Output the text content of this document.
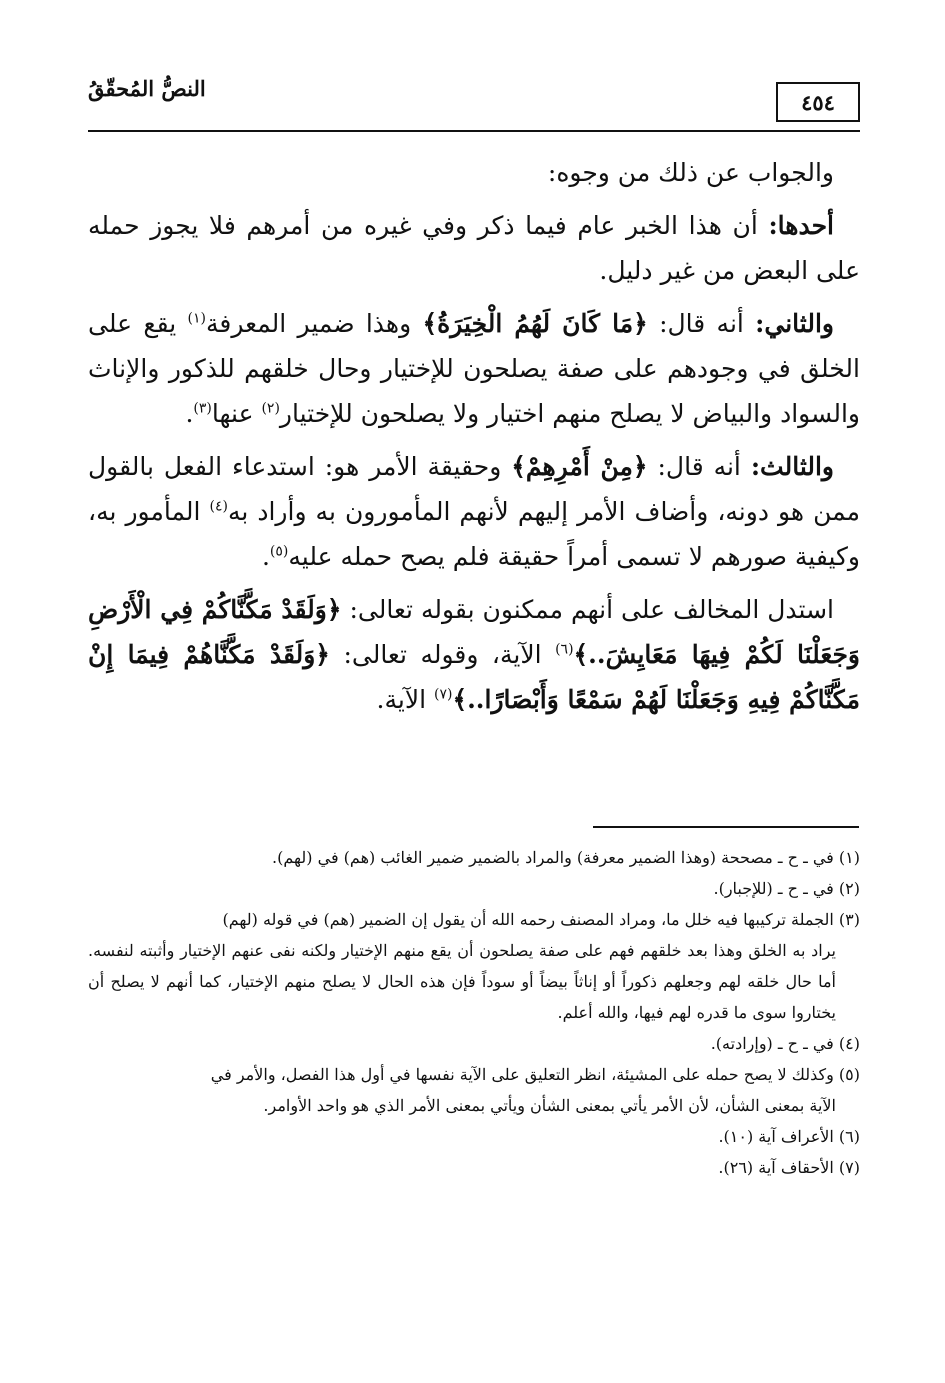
النصُّ المُحقّقُ
٤٥٤

والجواب عن ذلك من وجوه:

أحدها: أن هذا الخبر عام فيما ذكر وفي غيره من أمرهم فلا يجوز حمله على البعض من غير دليل.

والثاني: أنه قال: ﴿مَا كَانَ لَهُمُ الْخِيَرَةُ﴾ وهذا ضمير المعرفة$^{(١)}$ يقع على الخلق في وجودهم على صفة يصلحون للإختيار وحال خلقهم للذكور والإناث والسواد والبياض لا يصلح منهم اختيار ولا يصلحون للإختيار$^{(٢)}$ عنها$^{(٣)}$.

والثالث: أنه قال: ﴿مِنْ أَمْرِهِمْ﴾ وحقيقة الأمر هو: استدعاء الفعل بالقول ممن هو دونه، وأضاف الأمر إليهم لأنهم المأمورون به وأراد به$^{(٤)}$ المأمور به، وكيفية صورهم لا تسمى أمراً حقيقة فلم يصح حمله عليه$^{(٥)}$.

استدل المخالف على أنهم ممكنون بقوله تعالى: ﴿وَلَقَدْ مَكَّنَّاكُمْ فِي الْأَرْضِ وَجَعَلْنَا لَكُمْ فِيهَا مَعَايِشَ..﴾$^{(٦)}$ الآية، وقوله تعالى: ﴿وَلَقَدْ مَكَّنَّاهُمْ فِيمَا إِنْ مَكَّنَّاكُمْ فِيهِ وَجَعَلْنَا لَهُمْ سَمْعًا وَأَبْصَارًا..﴾$^{(٧)}$ الآية.

(١) في ـ ح ـ مصححة (وهذا الضمير معرفة) والمراد بالضمير ضمير الغائب (هم) في (لهم).

(٢) في ـ ح ـ (للإجبار).

(٣) الجملة تركيبها فيه خلل ما، ومراد المصنف رحمه الله أن يقول إن الضمير (هم) في قوله (لهم)

يراد به الخلق وهذا بعد خلقهم فهم على صفة يصلحون أن يقع منهم الإختيار ولكنه نفى عنهم الإختيار وأثبته لنفسه. أما حال خلقه لهم وجعلهم ذكوراً أو إناثاً بيضاً أو سوداً فإن هذه الحال لا يصلح منهم الإختيار، كما أنهم لا يصلح أن يختاروا سوى ما قدره لهم فيها، والله أعلم.

(٤) في ـ ح ـ (وإرادته).

(٥) وكذلك لا يصح حمله على المشيئة، انظر التعليق على الآية نفسها في أول هذا الفصل، والأمر في

الآية بمعنى الشأن، لأن الأمر يأتي بمعنى الشأن ويأتي بمعنى الأمر الذي هو واحد الأوامر.

(٦) الأعراف آية (١٠).

(٧) الأحقاف آية (٢٦).
